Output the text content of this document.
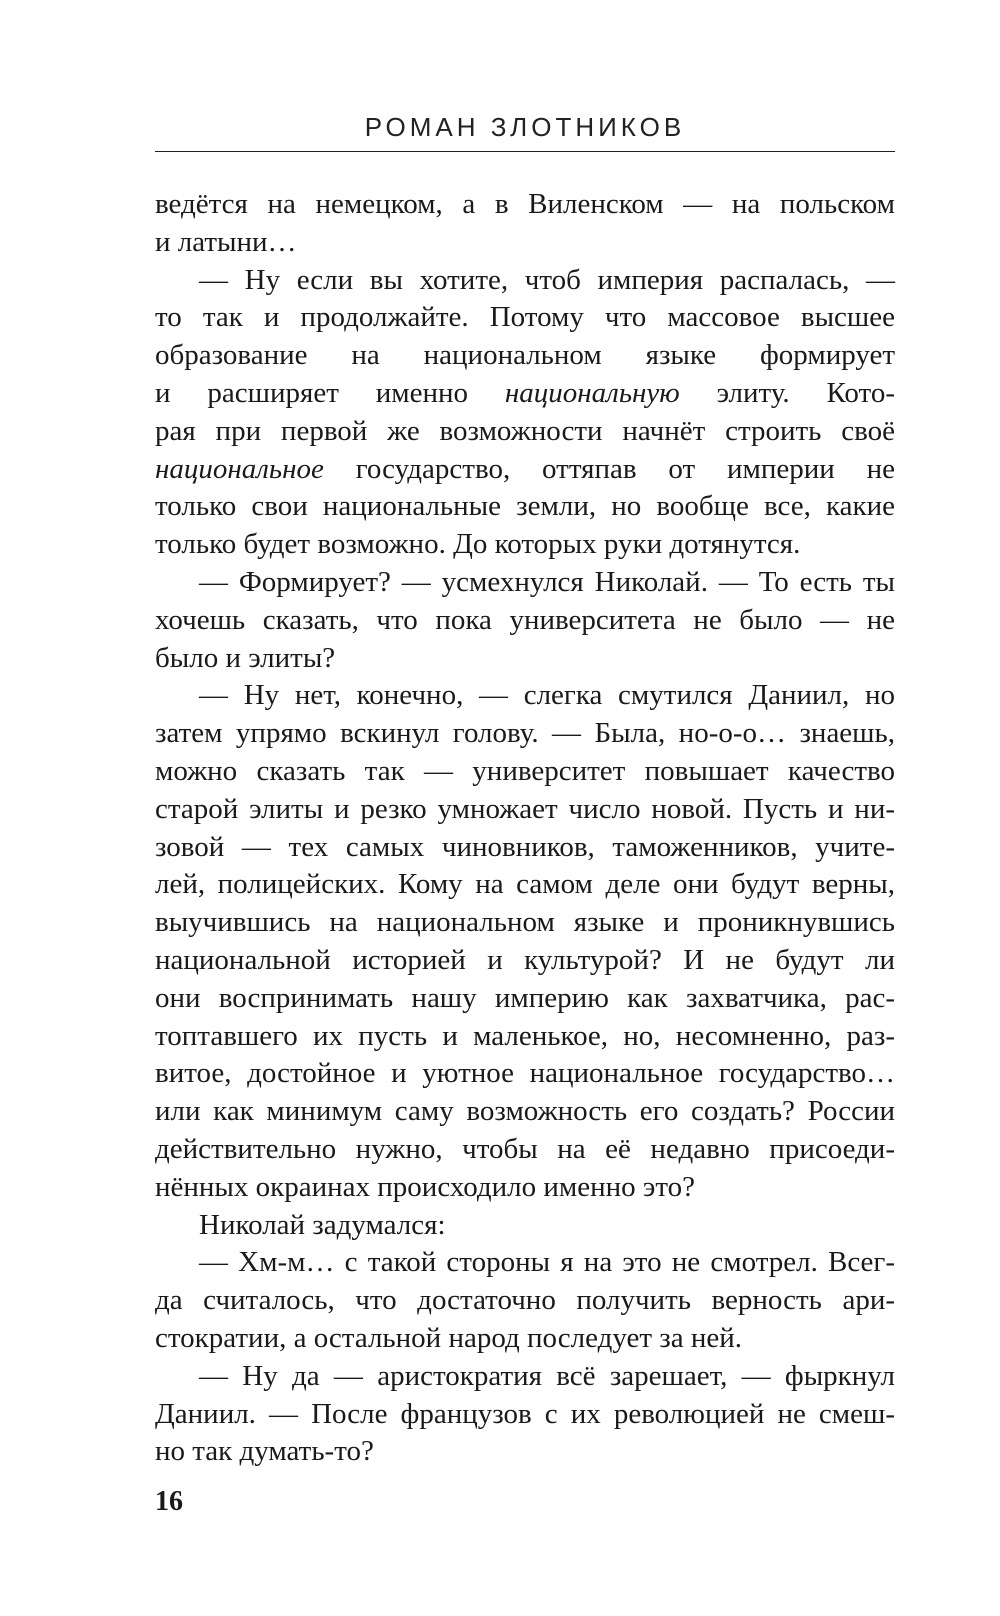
РОМАН ЗЛОТНИКОВ
ведётся на немецком, а в Виленском — на польском
и латыни…
— Ну если вы хотите, чтоб империя распалась, —
то так и продолжайте. Потому что массовое высшее
образование на национальном языке формирует
и расширяет именно национальную элиту. Кото-
рая при первой же возможности начнёт строить своё
национальное государство, оттяпав от империи не
только свои национальные земли, но вообще все, какие
только будет возможно. До которых руки дотянутся.
— Формирует? — усмехнулся Николай. — То есть ты
хочешь сказать, что пока университета не было — не
было и элиты?
— Ну нет, конечно, — слегка смутился Даниил, но
затем упрямо вскинул голову. — Была, но-о-о… знаешь,
можно сказать так — университет повышает качество
старой элиты и резко умножает число новой. Пусть и ни-
зовой — тех самых чиновников, таможенников, учите-
лей, полицейских. Кому на самом деле они будут верны,
выучившись на национальном языке и проникнувшись
национальной историей и культурой? И не будут ли
они воспринимать нашу империю как захватчика, рас-
топтавшего их пусть и маленькое, но, несомненно, раз-
витое, достойное и уютное национальное государство…
или как минимум саму возможность его создать? России
действительно нужно, чтобы на её недавно присоеди-
нённых окраинах происходило именно это?
Николай задумался:
— Хм-м… с такой стороны я на это не смотрел. Всег-
да считалось, что достаточно получить верность ари-
стократии, а остальной народ последует за ней.
— Ну да — аристократия всё зарешает, — фыркнул
Даниил. — После французов с их революцией не смеш-
но так думать-то?
16
